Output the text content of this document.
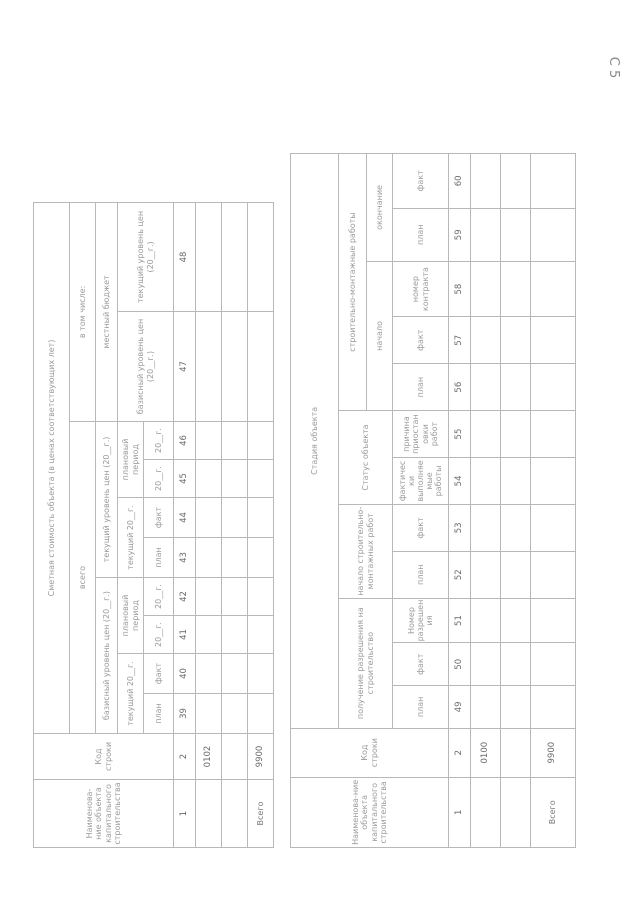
С 5
Наименова-ние объекта капитального строительства	Код строки	Сметная стоимость объекта (в ценах соответствующих лет)									
		всего								в том числе:	
		базисный уровень цен (20__г.)				текущий уровень цен (20__г.)				местный бюджет	
		текущий 20__г.		плановый период		текущий 20__г.		плановый период		базисный уровень цен (20__г.)	текущий уровень цен (20__г.)
		план	факт	20__г.	20__г.	план	факт	20__г.	20__г.		
1	2	39	40	41	42	43	44	45	46	47	48
	0102										

Всего	9900										
Наименова-ние объекта капитального строительства	Код строки	Стадия объекта											
		получение разрешения на строительство			начало строительно-монтажных работ		Статус объекта		строительно-монтажные работы				
									начало			окончание	
		план	факт	Номер разрешения	план	факт	фактически выполняемые работы	причина приостановки работ	план	факт	номер контракта	план	факт
1	2	49	50	51	52	53	54	55	56	57	58	59	60
	0100												

Всего	9900												
